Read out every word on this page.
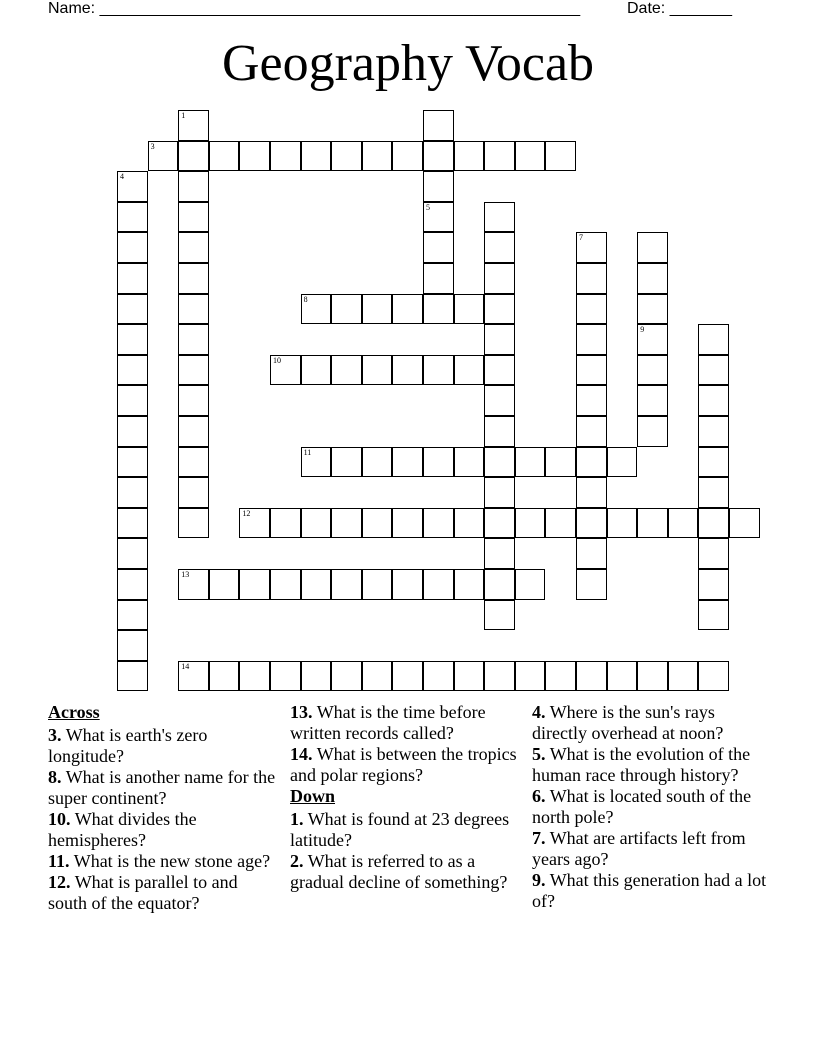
Name: ______________________________________________________	Date: _______
Geography Vocab
1
3
4
5
7
8
9
10
11
12
13
14
Across
3. What is earth's zero longitude?
8. What is another name for the super continent?
10. What divides the hemispheres?
11. What is the new stone age?
12. What is parallel to and south of the equator?
13. What is the time before written records called?
14. What is between the tropics and polar regions?
Down
1. What is found at 23 degrees latitude?
2. What is referred to as a gradual decline of something?
4. Where is the sun's rays directly overhead at noon?
5. What is the evolution of the human race through history?
6. What is located south of the north pole?
7. What are artifacts left from years ago?
9. What this generation had a lot of?
